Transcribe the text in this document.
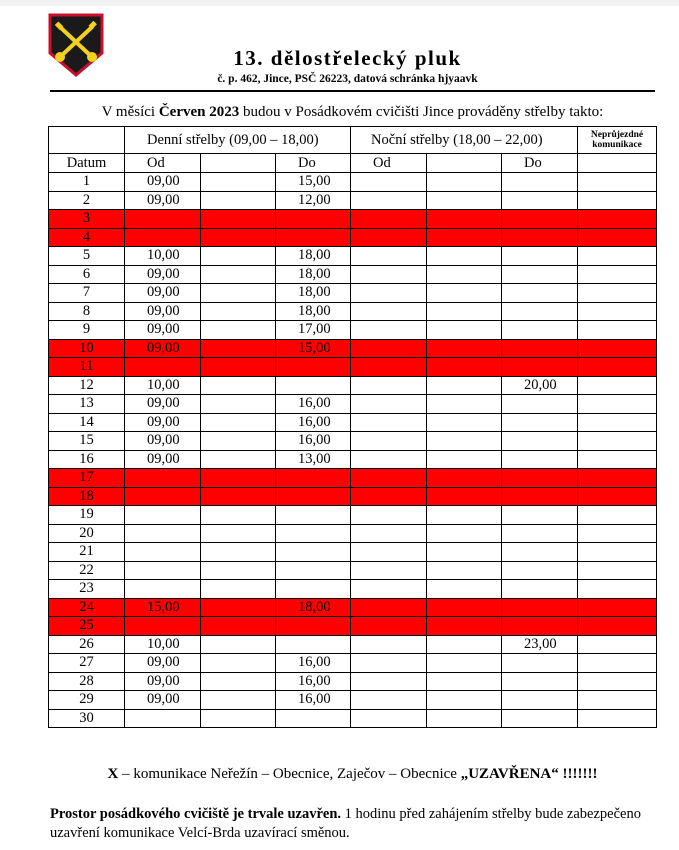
13. dělostřelecký pluk
č. p. 462, Jince, PSČ 26223, datová schránka hjyaavk
V měsíci Červen 2023 budou v Posádkovém cvičišti Jince prováděny střelby takto:
	Denní střelby (09,00 – 18,00)			Noční střelby (18,00 – 22,00)			Neprůjezdné
komunikace
Datum	Od		Do	Od		Do	
1	09,00		15,00				
2	09,00		12,00				
3							
4							
5	10,00		18,00				
6	09,00		18,00				
7	09,00		18,00				
8	09,00		18,00				
9	09,00		17,00				
10	09,00		15,00				
11							
12	10,00					20,00	
13	09,00		16,00				
14	09,00		16,00				
15	09,00		16,00				
16	09,00		13,00				
17							
18							
19							
20							
21							
22							
23							
24	15,00		18,00				
25							
26	10,00					23,00	
27	09,00		16,00				
28	09,00		16,00				
29	09,00		16,00				
30							
X – komunikace Neřežín – Obecnice, Zaječov – Obecnice „UZAVŘENA“ !!!!!!!
Prostor posádkového cvičiště je trvale uzavřen. 1 hodinu před zahájením střelby bude zabezpečeno uzavření komunikace Velcí-Brda uzavírací směnou.
